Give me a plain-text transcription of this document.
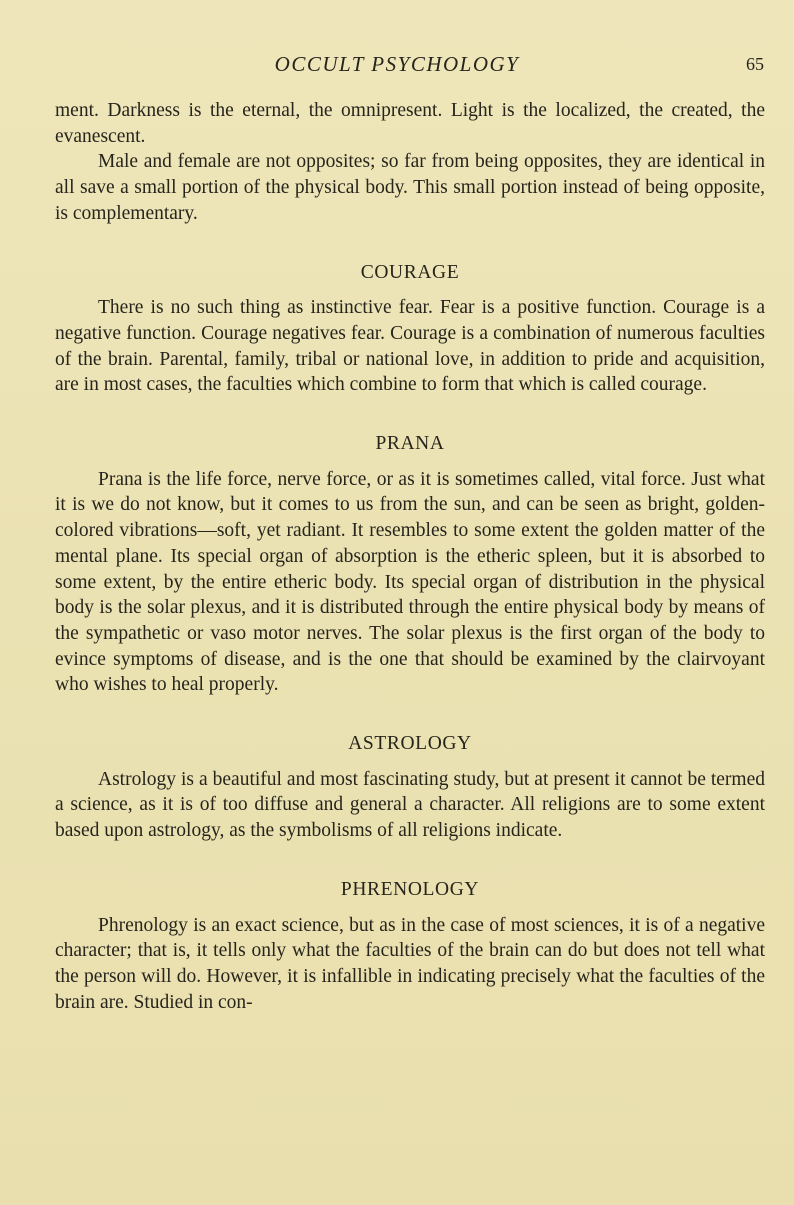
OCCULT PSYCHOLOGY	65

ment. Darkness is the eternal, the omnipresent. Light is the localized, the created, the evanescent.

Male and female are not opposites; so far from being opposites, they are identical in all save a small portion of the physical body. This small portion instead of being opposite, is complementary.

COURAGE

There is no such thing as instinctive fear. Fear is a positive function. Courage is a negative function. Courage negatives fear. Courage is a combination of numerous faculties of the brain. Parental, family, tribal or national love, in addition to pride and acquisition, are in most cases, the faculties which combine to form that which is called courage.

PRANA

Prana is the life force, nerve force, or as it is sometimes called, vital force. Just what it is we do not know, but it comes to us from the sun, and can be seen as bright, golden-colored vibrations—soft, yet radiant. It resembles to some extent the golden matter of the mental plane. Its special organ of absorption is the etheric spleen, but it is absorbed to some extent, by the entire etheric body. Its special organ of distribution in the physical body is the solar plexus, and it is distributed through the entire physical body by means of the sympathetic or vaso motor nerves. The solar plexus is the first organ of the body to evince symptoms of disease, and is the one that should be examined by the clairvoyant who wishes to heal properly.

ASTROLOGY

Astrology is a beautiful and most fascinating study, but at present it cannot be termed a science, as it is of too diffuse and general a character. All religions are to some extent based upon astrology, as the symbolisms of all religions indicate.

PHRENOLOGY

Phrenology is an exact science, but as in the case of most sciences, it is of a negative character; that is, it tells only what the faculties of the brain can do but does not tell what the person will do. However, it is infallible in indicating precisely what the faculties of the brain are. Studied in con-
